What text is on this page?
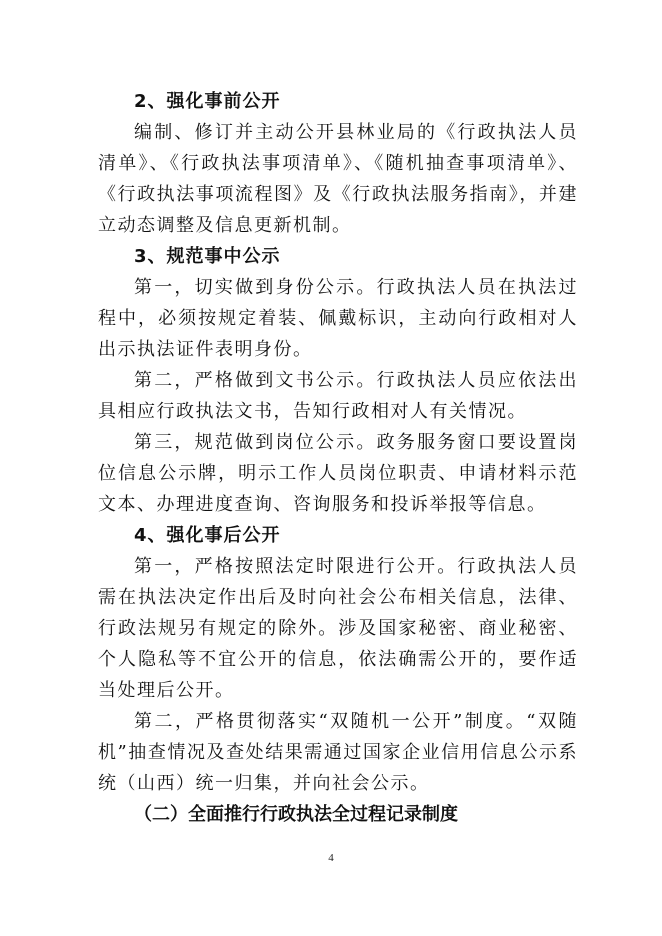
2、强化事前公开

编制、修订并主动公开县林业局的《行政执法人员清单》、《行政执法事项清单》、《随机抽查事项清单》、《行政执法事项流程图》及《行政执法服务指南》，并建立动态调整及信息更新机制。

3、规范事中公示

第一，切实做到身份公示。行政执法人员在执法过程中，必须按规定着装、佩戴标识，主动向行政相对人出示执法证件表明身份。

第二，严格做到文书公示。行政执法人员应依法出具相应行政执法文书，告知行政相对人有关情况。

第三，规范做到岗位公示。政务服务窗口要设置岗位信息公示牌，明示工作人员岗位职责、申请材料示范文本、办理进度查询、咨询服务和投诉举报等信息。

4、强化事后公开

第一，严格按照法定时限进行公开。行政执法人员需在执法决定作出后及时向社会公布相关信息，法律、行政法规另有规定的除外。涉及国家秘密、商业秘密、个人隐私等不宜公开的信息，依法确需公开的，要作适当处理后公开。

第二，严格贯彻落实“双随机一公开”制度。“双随机”抽查情况及查处结果需通过国家企业信用信息公示系统（山西）统一归集，并向社会公示。

（二）全面推行行政执法全过程记录制度

4
